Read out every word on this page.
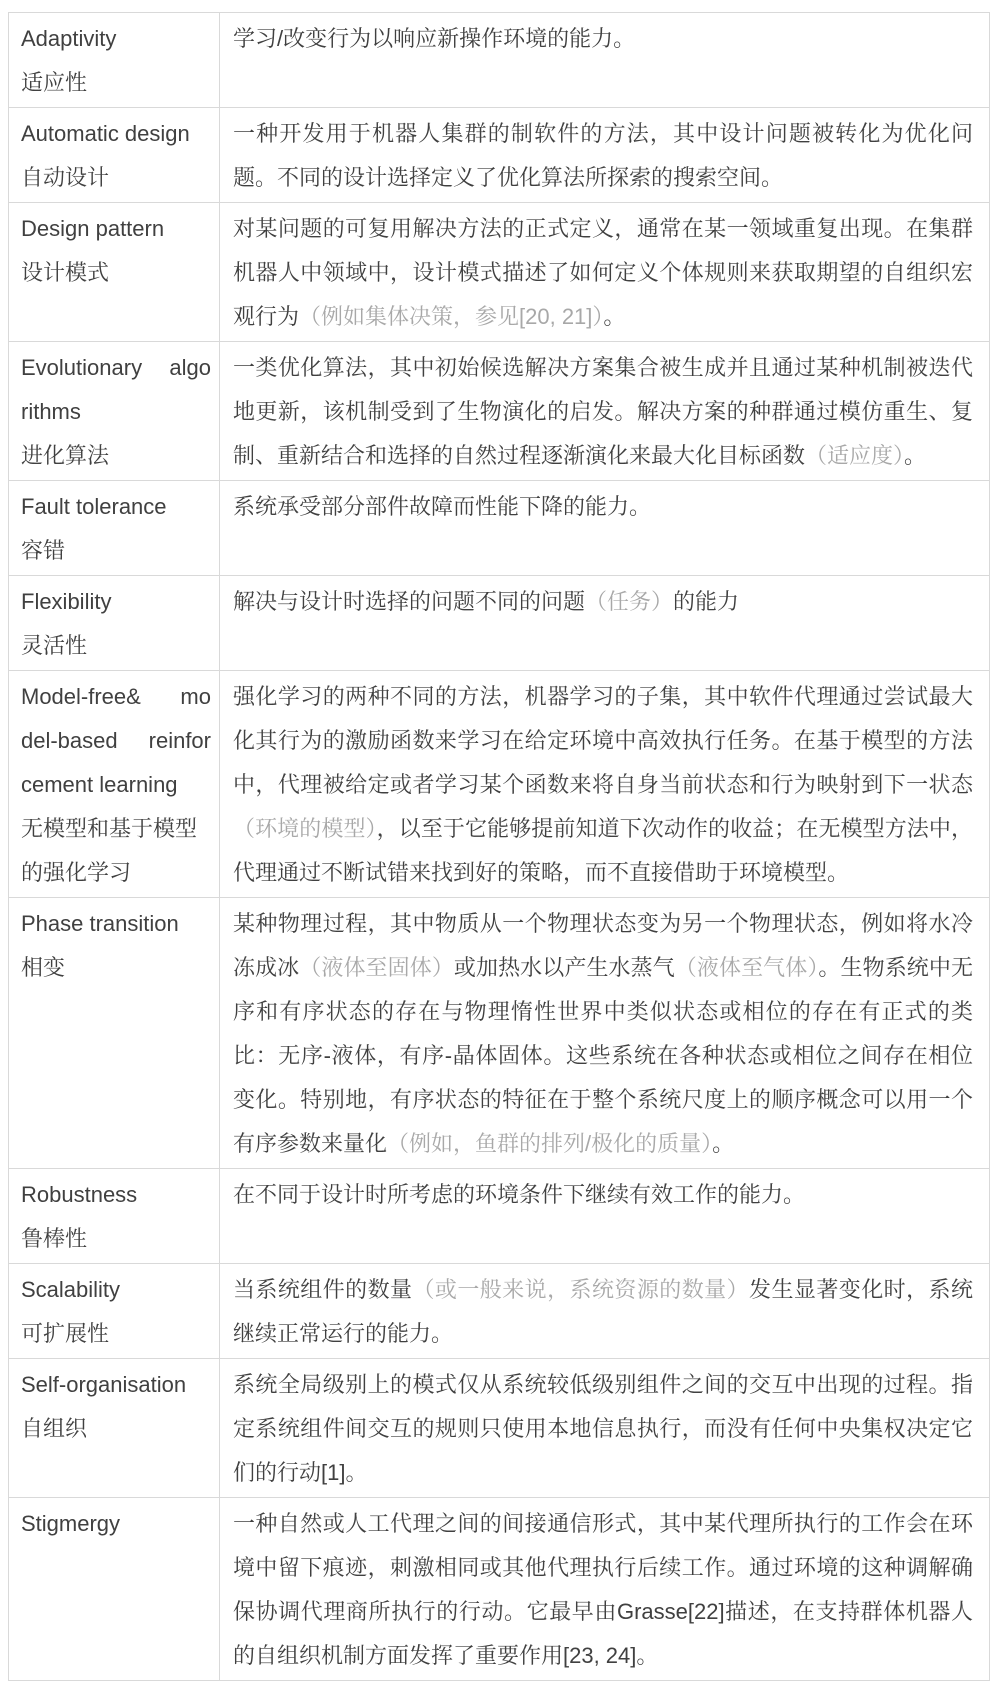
Adaptivity
适应性

学习/改变行为以响应新操作环境的能力。

Automatic design
自动设计

一种开发用于机器人集群的制软件的方法，其中设计问题被转化为优化问题。不同的设计选择定义了优化算法所探索的搜索空间。

Design pattern
设计模式

对某问题的可复用解决方法的正式定义，通常在某一领域重复出现。在集群机器人中领域中，设计模式描述了如何定义个体规则来获取期望的自组织宏观行为（例如集体决策，参见[20, 21]）。

Evolutionary algo
rithms
进化算法

一类优化算法，其中初始候选解决方案集合被生成并且通过某种机制被迭代地更新，该机制受到了生物演化的启发。解决方案的种群通过模仿重生、复制、重新结合和选择的自然过程逐渐演化来最大化目标函数（适应度）。

Fault tolerance
容错

系统承受部分部件故障而性能下降的能力。

Flexibility
灵活性

解决与设计时选择的问题不同的问题（任务）的能力

Model-free& mo
del-based reinfor
cement learning
无模型和基于模型
的强化学习

强化学习的两种不同的方法，机器学习的子集，其中软件代理通过尝试最大化其行为的激励函数来学习在给定环境中高效执行任务。在基于模型的方法中，代理被给定或者学习某个函数来将自身当前状态和行为映射到下一状态（环境的模型），以至于它能够提前知道下次动作的收益；在无模型方法中，代理通过不断试错来找到好的策略，而不直接借助于环境模型。

Phase transition
相变

某种物理过程，其中物质从一个物理状态变为另一个物理状态，例如将水冷冻成冰（液体至固体）或加热水以产生水蒸气（液体至气体）。生物系统中无序和有序状态的存在与物理惰性世界中类似状态或相位的存在有正式的类比：无序-液体，有序-晶体固体。这些系统在各种状态或相位之间存在相位变化。特别地，有序状态的特征在于整个系统尺度上的顺序概念可以用一个有序参数来量化（例如，鱼群的排列/极化的质量）。

Robustness
鲁棒性

在不同于设计时所考虑的环境条件下继续有效工作的能力。

Scalability
可扩展性

当系统组件的数量（或一般来说，系统资源的数量）发生显著变化时，系统继续正常运行的能力。

Self-organisation
自组织

系统全局级别上的模式仅从系统较低级别组件之间的交互中出现的过程。指定系统组件间交互的规则只使用本地信息执行，而没有任何中央集权决定它们的行动[1]。

Stigmergy	一种自然或人工代理之间的间接通信形式，其中某代理所执行的工作会在环境中留下痕迹，刺激相同或其他代理执行后续工作。通过环境的这种调解确保协调代理商所执行的行动。它最早由Grasse[22]描述，在支持群体机器人的自组织机制方面发挥了重要作用[23, 24]。
